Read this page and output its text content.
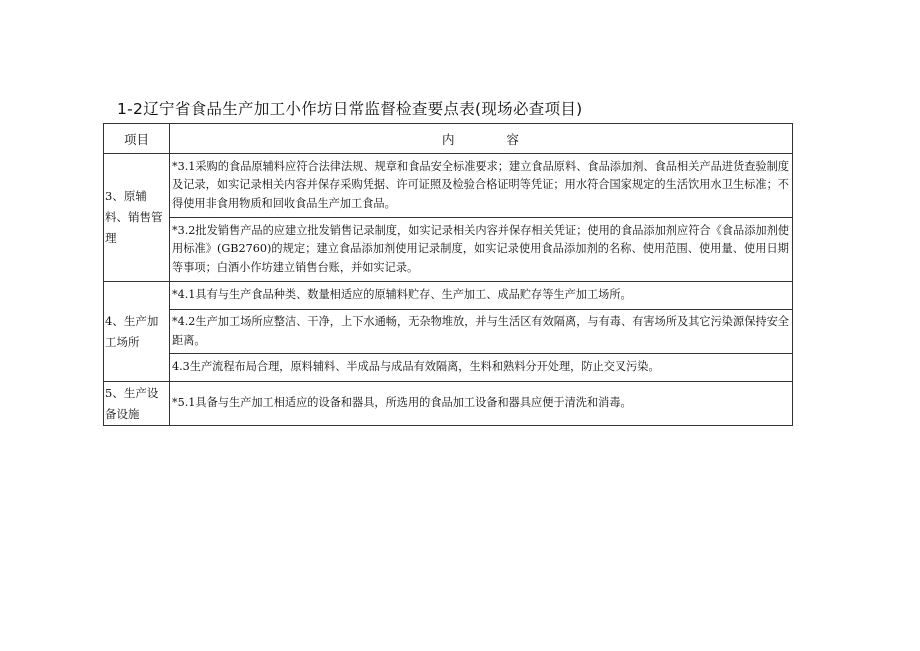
1-2辽宁省食品生产加工小作坊日常监督检查要点表(现场必查项目)
项目	内容
3、原辅料、销售管理	*3.1采购的食品原辅料应符合法律法规、规章和食品安全标准要求；建立食品原料、食品添加剂、食品相关产品进货查验制度及记录，如实记录相关内容并保存采购凭据、许可证照及检验合格证明等凭证；用水符合国家规定的生活饮用水卫生标准；不得使用非食用物质和回收食品生产加工食品。
	*3.2批发销售产品的应建立批发销售记录制度，如实记录相关内容并保存相关凭证；使用的食品添加剂应符合《食品添加剂使用标准》(GB2760)的规定；建立食品添加剂使用记录制度，如实记录使用食品添加剂的名称、使用范围、使用量、使用日期等事项；白酒小作坊建立销售台账，并如实记录。
4、生产加工场所	*4.1具有与生产食品种类、数量相适应的原辅料贮存、生产加工、成品贮存等生产加工场所。
	*4.2生产加工场所应整洁、干净，上下水通畅，无杂物堆放，并与生活区有效隔离，与有毒、有害场所及其它污染源保持安全距离。
	4.3生产流程布局合理，原料辅料、半成品与成品有效隔离，生料和熟料分开处理，防止交叉污染。
5、生产设备设施	*5.1具备与生产加工相适应的设备和器具，所选用的食品加工设备和器具应便于清洗和消毒。
